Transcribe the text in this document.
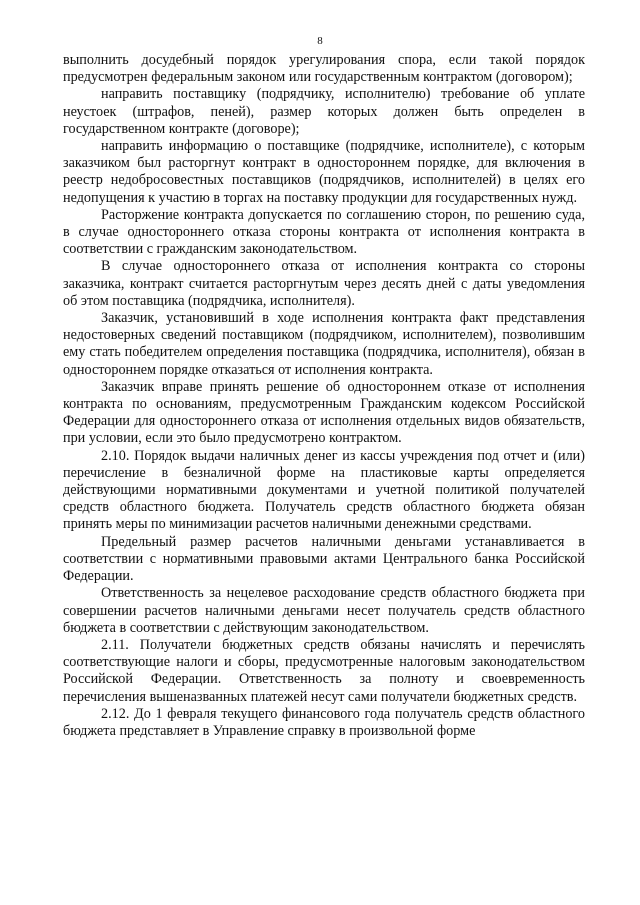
8

выполнить досудебный порядок урегулирования спора, если такой порядок предусмотрен федеральным законом или государственным контрактом (договором);

направить поставщику (подрядчику, исполнителю) требование об уплате неустоек (штрафов, пеней), размер которых должен быть определен в государственном контракте (договоре);

направить информацию о поставщике (подрядчике, исполнителе), с которым заказчиком был расторгнут контракт в одностороннем порядке, для включения в реестр недобросовестных поставщиков (подрядчиков, исполнителей) в целях его недопущения к участию в торгах на поставку продукции для государственных нужд.

Расторжение контракта допускается по соглашению сторон, по решению суда, в случае одностороннего отказа стороны контракта от исполнения контракта в соответствии с гражданским законодательством.

В случае одностороннего отказа от исполнения контракта со стороны заказчика, контракт считается расторгнутым через десять дней с даты уведомления об этом поставщика (подрядчика, исполнителя).

Заказчик, установивший в ходе исполнения контракта факт представления недостоверных сведений поставщиком (подрядчиком, исполнителем), позволившим ему стать победителем определения поставщика (подрядчика, исполнителя), обязан в одностороннем порядке отказаться от исполнения контракта.

Заказчик вправе принять решение об одностороннем отказе от исполнения контракта по основаниям, предусмотренным Гражданским кодексом Российской Федерации для одностороннего отказа от исполнения отдельных видов обязательств, при условии, если это было предусмотрено контрактом.

2.10. Порядок выдачи наличных денег из кассы учреждения под отчет и (или) перечисление в безналичной форме на пластиковые карты определяется действующими нормативными документами и учетной политикой получателей средств областного бюджета. Получатель средств областного бюджета обязан принять меры по минимизации расчетов наличными денежными средствами.

Предельный размер расчетов наличными деньгами устанавливается в соответствии с нормативными правовыми актами Центрального банка Российской Федерации.

Ответственность за нецелевое расходование средств областного бюджета при совершении расчетов наличными деньгами несет получатель средств областного бюджета в соответствии с действующим законодательством.

2.11. Получатели бюджетных средств обязаны начислять и перечислять соответствующие налоги и сборы, предусмотренные налоговым законодательством Российской Федерации. Ответственность за полноту и своевременность перечисления вышеназванных платежей несут сами получатели бюджетных средств.

2.12. До 1 февраля текущего финансового года получатель средств областного бюджета представляет в Управление справку в произвольной форме
